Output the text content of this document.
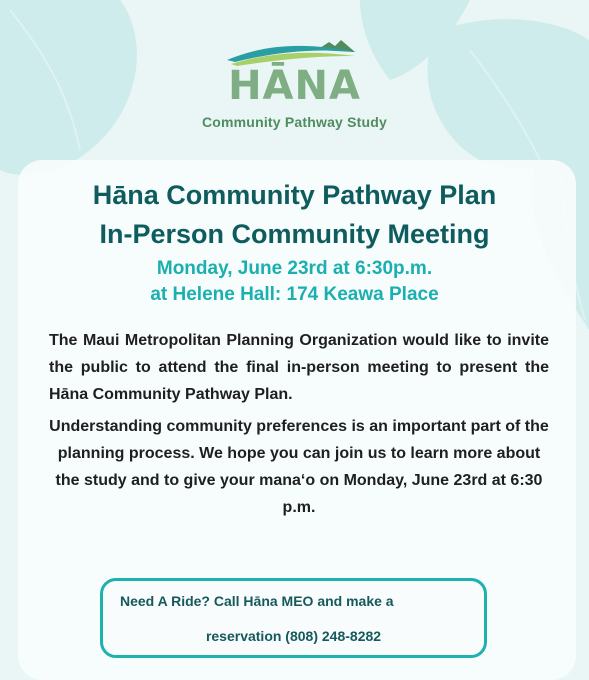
HĀNA
Community Pathway Study
Hāna Community Pathway Plan
In-Person Community Meeting

Monday, June 23rd at 6:30p.m.

at Helene Hall: 174 Keawa Place

The Maui Metropolitan Planning Organization would like to invite the public to attend the final in-person meeting to present the Hāna Community Pathway Plan.

Understanding community preferences is an important part of the planning process. We hope you can join us to learn more about the study and to give your manaʻo on Monday, June 23rd at 6:30 p.m.

Need A Ride? Call Hāna MEO and make a
reservation (808) 248-8282
